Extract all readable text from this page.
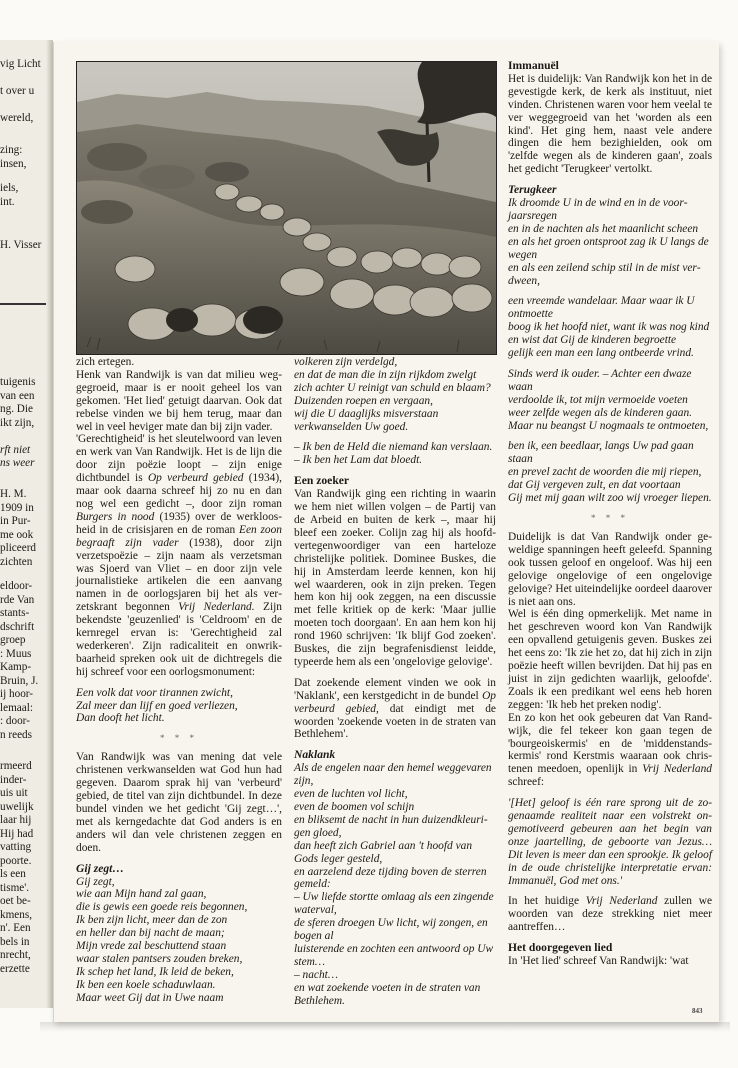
vig Licht
t over u
wereld,
zing:
insen,
iels,
int.
H. Visser
tuigenis
van een
ng. Die
ikt zijn,
rft niet
ns weer
H. M.
1909 in
in Pur-
me ook
pliceerd
zichten
eldoor-
rde Van
stants-
dschrift
groep
: Muus
Kamp-
Bruin, J.
ij hoor-
lemaal:
: door-
n reeds
rmeerd
inder-
uis uit
uwelijk
laar hij
Hij had
vatting
poorte.
ls een
tisme'.
oet be-
kmens,
n'. Een
bels in
nrecht,
erzette

zich ertegen.

Henk van Randwijk is van dat milieu weggegroeid, maar is er nooit geheel los van gekomen. 'Het lied' getuigt daarvan. Ook dat rebelse vinden we bij hem terug, maar dan wel in veel heviger mate dan bij zijn vader.

'Gerechtigheid' is het sleutelwoord van leven en werk van Van Randwijk. Het is de lijn die door zijn poëzie loopt – zijn enige dichtbundel is Op verbeurd gebied (1934), maar ook daarna schreef hij zo nu en dan nog wel een gedicht –, door zijn roman Burgers in nood (1935) over de werkloosheid in de crisisjaren en de roman Een zoon begraaft zijn vader (1938), door zijn verzetspoëzie – zijn naam als verzetsman was Sjoerd van Vliet – en door zijn vele journalistieke artikelen die een aanvang namen in de oorlogsjaren bij het als verzetskrant begonnen Vrij Nederland. Zijn bekendste 'geuzenlied' is 'Celdroom' en de kernregel ervan is: 'Gerechtigheid zal wederkeren'. Zijn radicaliteit en onwrikbaarheid spreken ook uit de dichtregels die hij schreef voor een oorlogsmonument:

Een volk dat voor tirannen zwicht,
Zal meer dan lijf en goed verliezen,
Dan dooft het licht.
* * *

Van Randwijk was van mening dat vele christenen verkwanselden wat God hun had gegeven. Daarom sprak hij van 'verbeurd' gebied, de titel van zijn dichtbundel. In deze bundel vinden we het gedicht 'Gij zegt…', met als kerngedachte dat God anders is en anders wil dan vele christenen zeggen en doen.

Gij zegt…
Gij zegt,
wie aan Mijn hand zal gaan,
die is gewis een goede reis begonnen,
Ik ben zijn licht, meer dan de zon
en heller dan bij nacht de maan;
Mijn vrede zal beschuttend staan
waar stalen pantsers zouden breken,
Ik schep het land, Ik leid de beken,
Ik ben een koele schaduwlaan.
Maar weet Gij dat in Uwe naam
volkeren zijn verdelgd,
en dat de man die in zijn rijkdom zwelgt
zich achter U reinigt van schuld en blaam?
Duizenden roepen en vergaan,
wij die U daaglijks misverstaan
verkwanselden Uw goed.
– Ik ben de Held die niemand kan verslaan.
– Ik ben het Lam dat bloedt.
Een zoeker

Van Randwijk ging een richting in waarin we hem niet willen volgen – de Partij van de Arbeid en buiten de kerk –, maar hij bleef een zoeker. Colijn zag hij als hoofdvertegenwoordiger van een harteloze christelijke politiek. Dominee Buskes, die hij in Amsterdam leerde kennen, kon hij wel waarderen, ook in zijn preken. Tegen hem kon hij ook zeggen, na een discussie met felle kritiek op de kerk: 'Maar jullie moeten toch doorgaan'. En aan hem kon hij rond 1960 schrijven: 'Ik blijf God zoeken'. Buskes, die zijn begrafenisdienst leidde, typeerde hem als een 'ongelovige gelovige'.

Dat zoekende element vinden we ook in 'Naklank', een kerstgedicht in de bundel Op verbeurd gebied, dat eindigt met de woorden 'zoekende voeten in de straten van Bethlehem'.

Naklank
Als de engelen naar den hemel weggevaren zijn,
even de luchten vol licht,
even de boomen vol schijn
en bliksemt de nacht in hun duizendkleurigen gloed,
dan heeft zich Gabriel aan 't hoofd van Gods leger gesteld,
en aarzelend deze tijding boven de sterren gemeld:
– Uw liefde stortte omlaag als een zingende waterval,
de sferen droegen Uw licht, wij zongen, en bogen al
luisterende en zochten een antwoord op Uw stem…
– nacht…
en wat zoekende voeten in de straten van Bethlehem.
Immanuël

Het is duidelijk: Van Randwijk kon het in de gevestigde kerk, de kerk als instituut, niet vinden. Christenen waren voor hem veelal te ver weggegroeid van het 'worden als een kind'. Het ging hem, naast vele andere dingen die hem bezighielden, ook om 'zelfde wegen als de kinderen gaan', zoals het gedicht 'Terugkeer' vertolkt.

Terugkeer
Ik droomde U in de wind en in de voorjaarsregen
en in de nachten als het maanlicht scheen
en als het groen ontsproot zag ik U langs de wegen
en als een zeilend schip stil in de mist verdween,
een vreemde wandelaar. Maar waar ik U ontmoette
boog ik het hoofd niet, want ik was nog kind
en wist dat Gij de kinderen begroette
gelijk een man een lang ontbeerde vrind.
Sinds werd ik ouder. – Achter een dwaze waan
verdoolde ik, tot mijn vermoeide voeten
weer zelfde wegen als de kinderen gaan.
Maar nu beangst U nogmaals te ontmoeten,
ben ik, een beedlaar, langs Uw pad gaan staan
en prevel zacht de woorden die mij riepen,
dat Gij vergeven zult, en dat voortaan
Gij met mij gaan wilt zoo wij vroeger liepen.
* * *

Duidelijk is dat Van Randwijk onder geweldige spanningen heeft geleefd. Spanning ook tussen geloof en ongeloof. Was hij een gelovige ongelovige of een ongelovige gelovige? Het uiteindelijke oordeel daarover is niet aan ons.

Wel is één ding opmerkelijk. Met name in het geschreven woord kon Van Randwijk een opvallend getuigenis geven. Buskes zei het eens zo: 'Ik zie het zo, dat hij zich in zijn poëzie heeft willen bevrijden. Dat hij pas en juist in zijn gedichten waarlijk, geloofde'. Zoals ik een predikant wel eens heb horen zeggen: 'Ik heb het preken nodig'.

En zo kon het ook gebeuren dat Van Randwijk, die fel tekeer kon gaan tegen de 'bourgeoiskermis' en de 'middenstandskermis' rond Kerstmis waaraan ook christenen meedoen, openlijk in Vrij Nederland schreef:

'[Het] geloof is één rare sprong uit de zogenaamde realiteit naar een volstrekt ongemotiveerd gebeuren aan het begin van onze jaartelling, de geboorte van Jezus… Dit leven is meer dan een sprookje. Ik geloof in de oude christelijke interpretatie ervan: Immanuël, God met ons.'

In het huidige Vrij Nederland zullen we woorden van deze strekking niet meer aantreffen…

Het doorgegeven lied

In 'Het lied' schreef Van Randwijk: 'wat

843
